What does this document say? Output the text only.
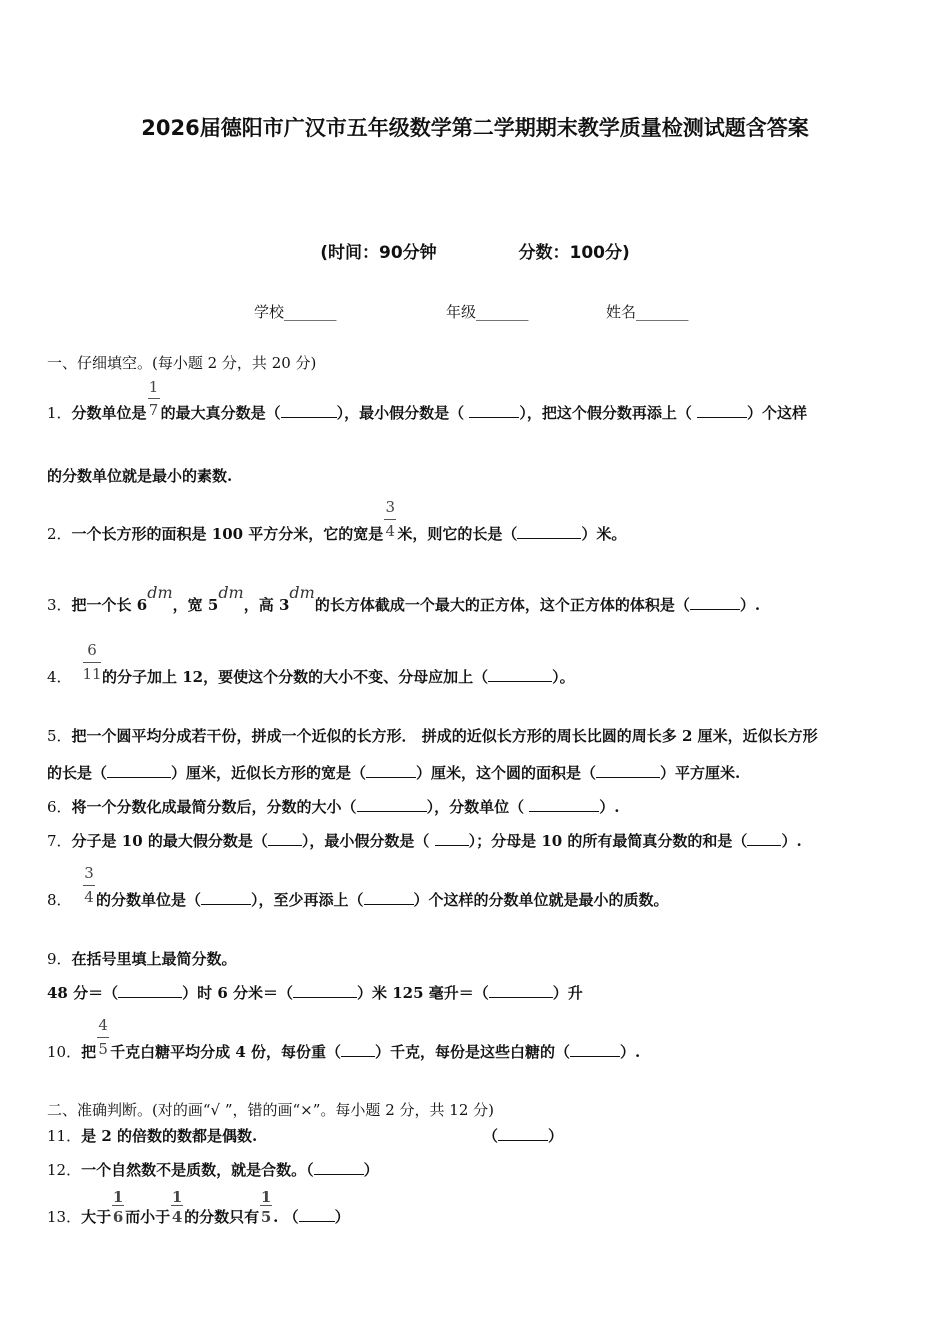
2026届德阳市广汉市五年级数学第二学期期末教学质量检测试题含答案
(时间：90分钟	分数：100分)
学校_______	年级_______	姓名_______
一、仔细填空。(每小题 2 分，共 20 分)
1．分数单位是 $\frac{1}{7}$ 的最大真分数是（	），最小假分数是（	），把这个假分数再添上（	）个这样
的分数单位就是最小的素数.
2．一个长方形的面积是 100 平方分米，它的宽是 $\frac{3}{4}$ 米，则它的长是（	）米。
3．把一个长 6dm，宽 5dm，高 3dm的长方体截成一个最大的正方体，这个正方体的体积是（	）.
4． $\frac{6}{11}$ 的分子加上 12，要使这个分数的大小不变、分母应加上（	）。
5．把一个圆平均分成若干份，拼成一个近似的长方形． 拼成的近似长方形的周长比圆的周长多 2 厘米，近似长方形
的长是（	）厘米，近似长方形的宽是（	）厘米，这个圆的面积是（	）平方厘米.
6．将一个分数化成最简分数后，分数的大小（	），分数单位（	）.
7．分子是 10 的最大假分数是（ ），最小假分数是（ ）；分母是 10 的所有最简真分数的和是（ ）.
8． $\frac{3}{4}$ 的分数单位是（	），至少再添上（	）个这样的分数单位就是最小的质数。
9．在括号里填上最简分数。
48 分＝（	）时 6 分米＝（	）米 125 毫升＝（	）升
10．把 $\frac{4}{5}$ 千克白糖平均分成 4 份，每份重（ ）千克，每份是这些白糖的（	）.
二、准确判断。(对的画“√ ”，错的画“×”。每小题 2 分，共 12 分)
11．是 2 的倍数的数都是偶数.	（	）
12．一个自然数不是质数，就是合数。（	）
13．大于 $\frac{1}{6}$ 而小于 $\frac{1}{4}$ 的分数只有 $\frac{1}{5}$ . （ ）
